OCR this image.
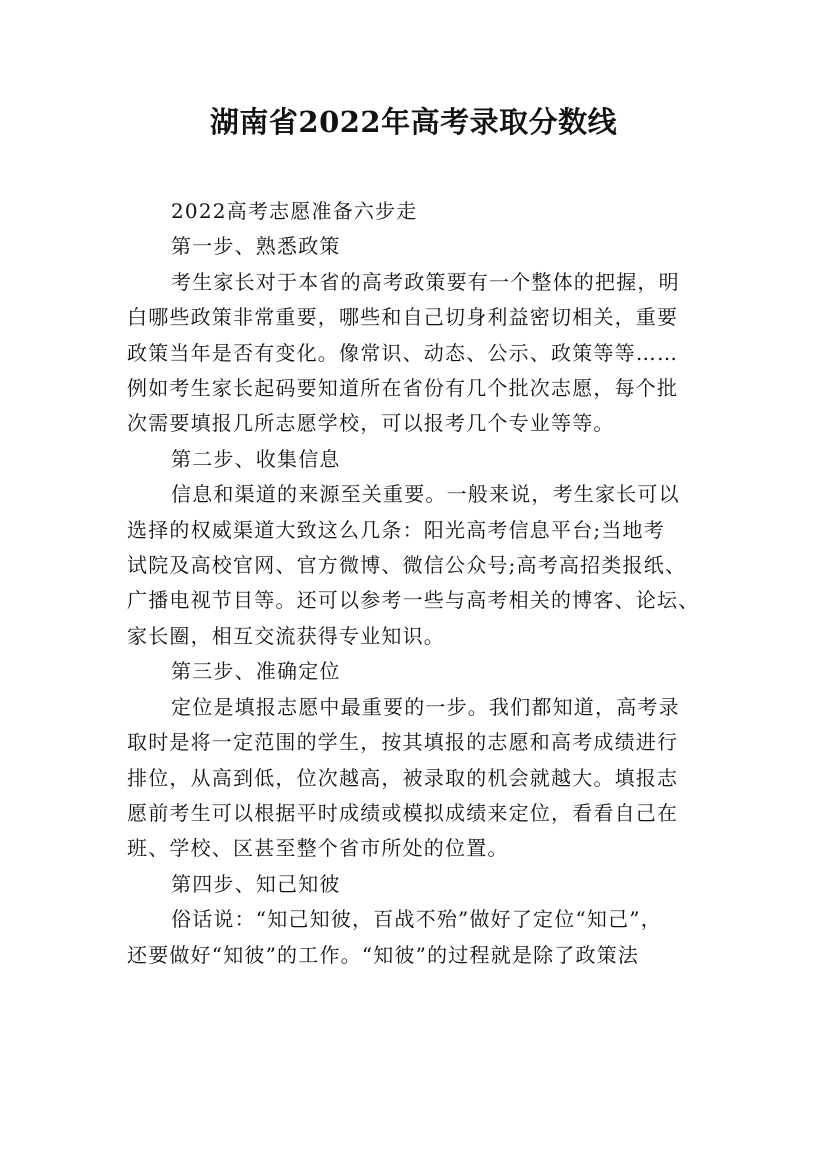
湖南省2022年高考录取分数线
2022高考志愿准备六步走
第一步、熟悉政策
考生家长对于本省的高考政策要有一个整体的把握，明
白哪些政策非常重要，哪些和自己切身利益密切相关，重要
政策当年是否有变化。像常识、动态、公示、政策等等……
例如考生家长起码要知道所在省份有几个批次志愿，每个批
次需要填报几所志愿学校，可以报考几个专业等等。
第二步、收集信息
信息和渠道的来源至关重要。一般来说，考生家长可以
选择的权威渠道大致这么几条：阳光高考信息平台;当地考
试院及高校官网、官方微博、微信公众号;高考高招类报纸、
广播电视节目等。还可以参考一些与高考相关的博客、论坛、
家长圈，相互交流获得专业知识。
第三步、准确定位
定位是填报志愿中最重要的一步。我们都知道，高考录
取时是将一定范围的学生，按其填报的志愿和高考成绩进行
排位，从高到低，位次越高，被录取的机会就越大。填报志
愿前考生可以根据平时成绩或模拟成绩来定位，看看自己在
班、学校、区甚至整个省市所处的位置。
第四步、知己知彼
俗话说：“知己知彼，百战不殆”做好了定位“知己”，
还要做好“知彼”的工作。“知彼”的过程就是除了政策法
